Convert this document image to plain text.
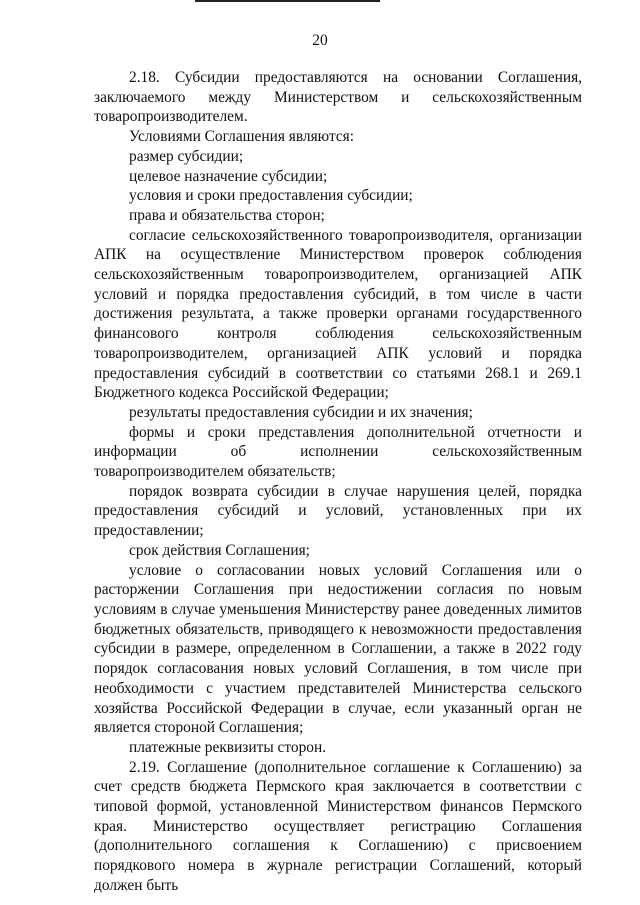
20

2.18. Субсидии предоставляются на основании Соглашения, заключаемого между Министерством и сельскохозяйственным товаропроизводителем.

Условиями Соглашения являются:

размер субсидии;

целевое назначение субсидии;

условия и сроки предоставления субсидии;

права и обязательства сторон;

согласие сельскохозяйственного товаропроизводителя, организации АПК на осуществление Министерством проверок соблюдения сельскохозяйственным товаропроизводителем, организацией АПК условий и порядка предоставления субсидий, в том числе в части достижения результата, а также проверки органами государственного финансового контроля соблюдения сельскохозяйственным товаропроизводителем, организацией АПК условий и порядка предоставления субсидий в соответствии со статьями 268.1 и 269.1 Бюджетного кодекса Российской Федерации;

результаты предоставления субсидии и их значения;

формы и сроки представления дополнительной отчетности и информации об исполнении сельскохозяйственным товаропроизводителем обязательств;

порядок возврата субсидии в случае нарушения целей, порядка предоставления субсидий и условий, установленных при их предоставлении;

срок действия Соглашения;

условие о согласовании новых условий Соглашения или о расторжении Соглашения при недостижении согласия по новым условиям в случае уменьшения Министерству ранее доведенных лимитов бюджетных обязательств, приводящего к невозможности предоставления субсидии в размере, определенном в Соглашении, а также в 2022 году порядок согласования новых условий Соглашения, в том числе при необходимости с участием представителей Министерства сельского хозяйства Российской Федерации в случае, если указанный орган не является стороной Соглашения;

платежные реквизиты сторон.

2.19. Соглашение (дополнительное соглашение к Соглашению) за счет средств бюджета Пермского края заключается в соответствии с типовой формой, установленной Министерством финансов Пермского края. Министерство осуществляет регистрацию Соглашения (дополнительного соглашения к Соглашению) с присвоением порядкового номера в журнале регистрации Соглашений, который должен быть
